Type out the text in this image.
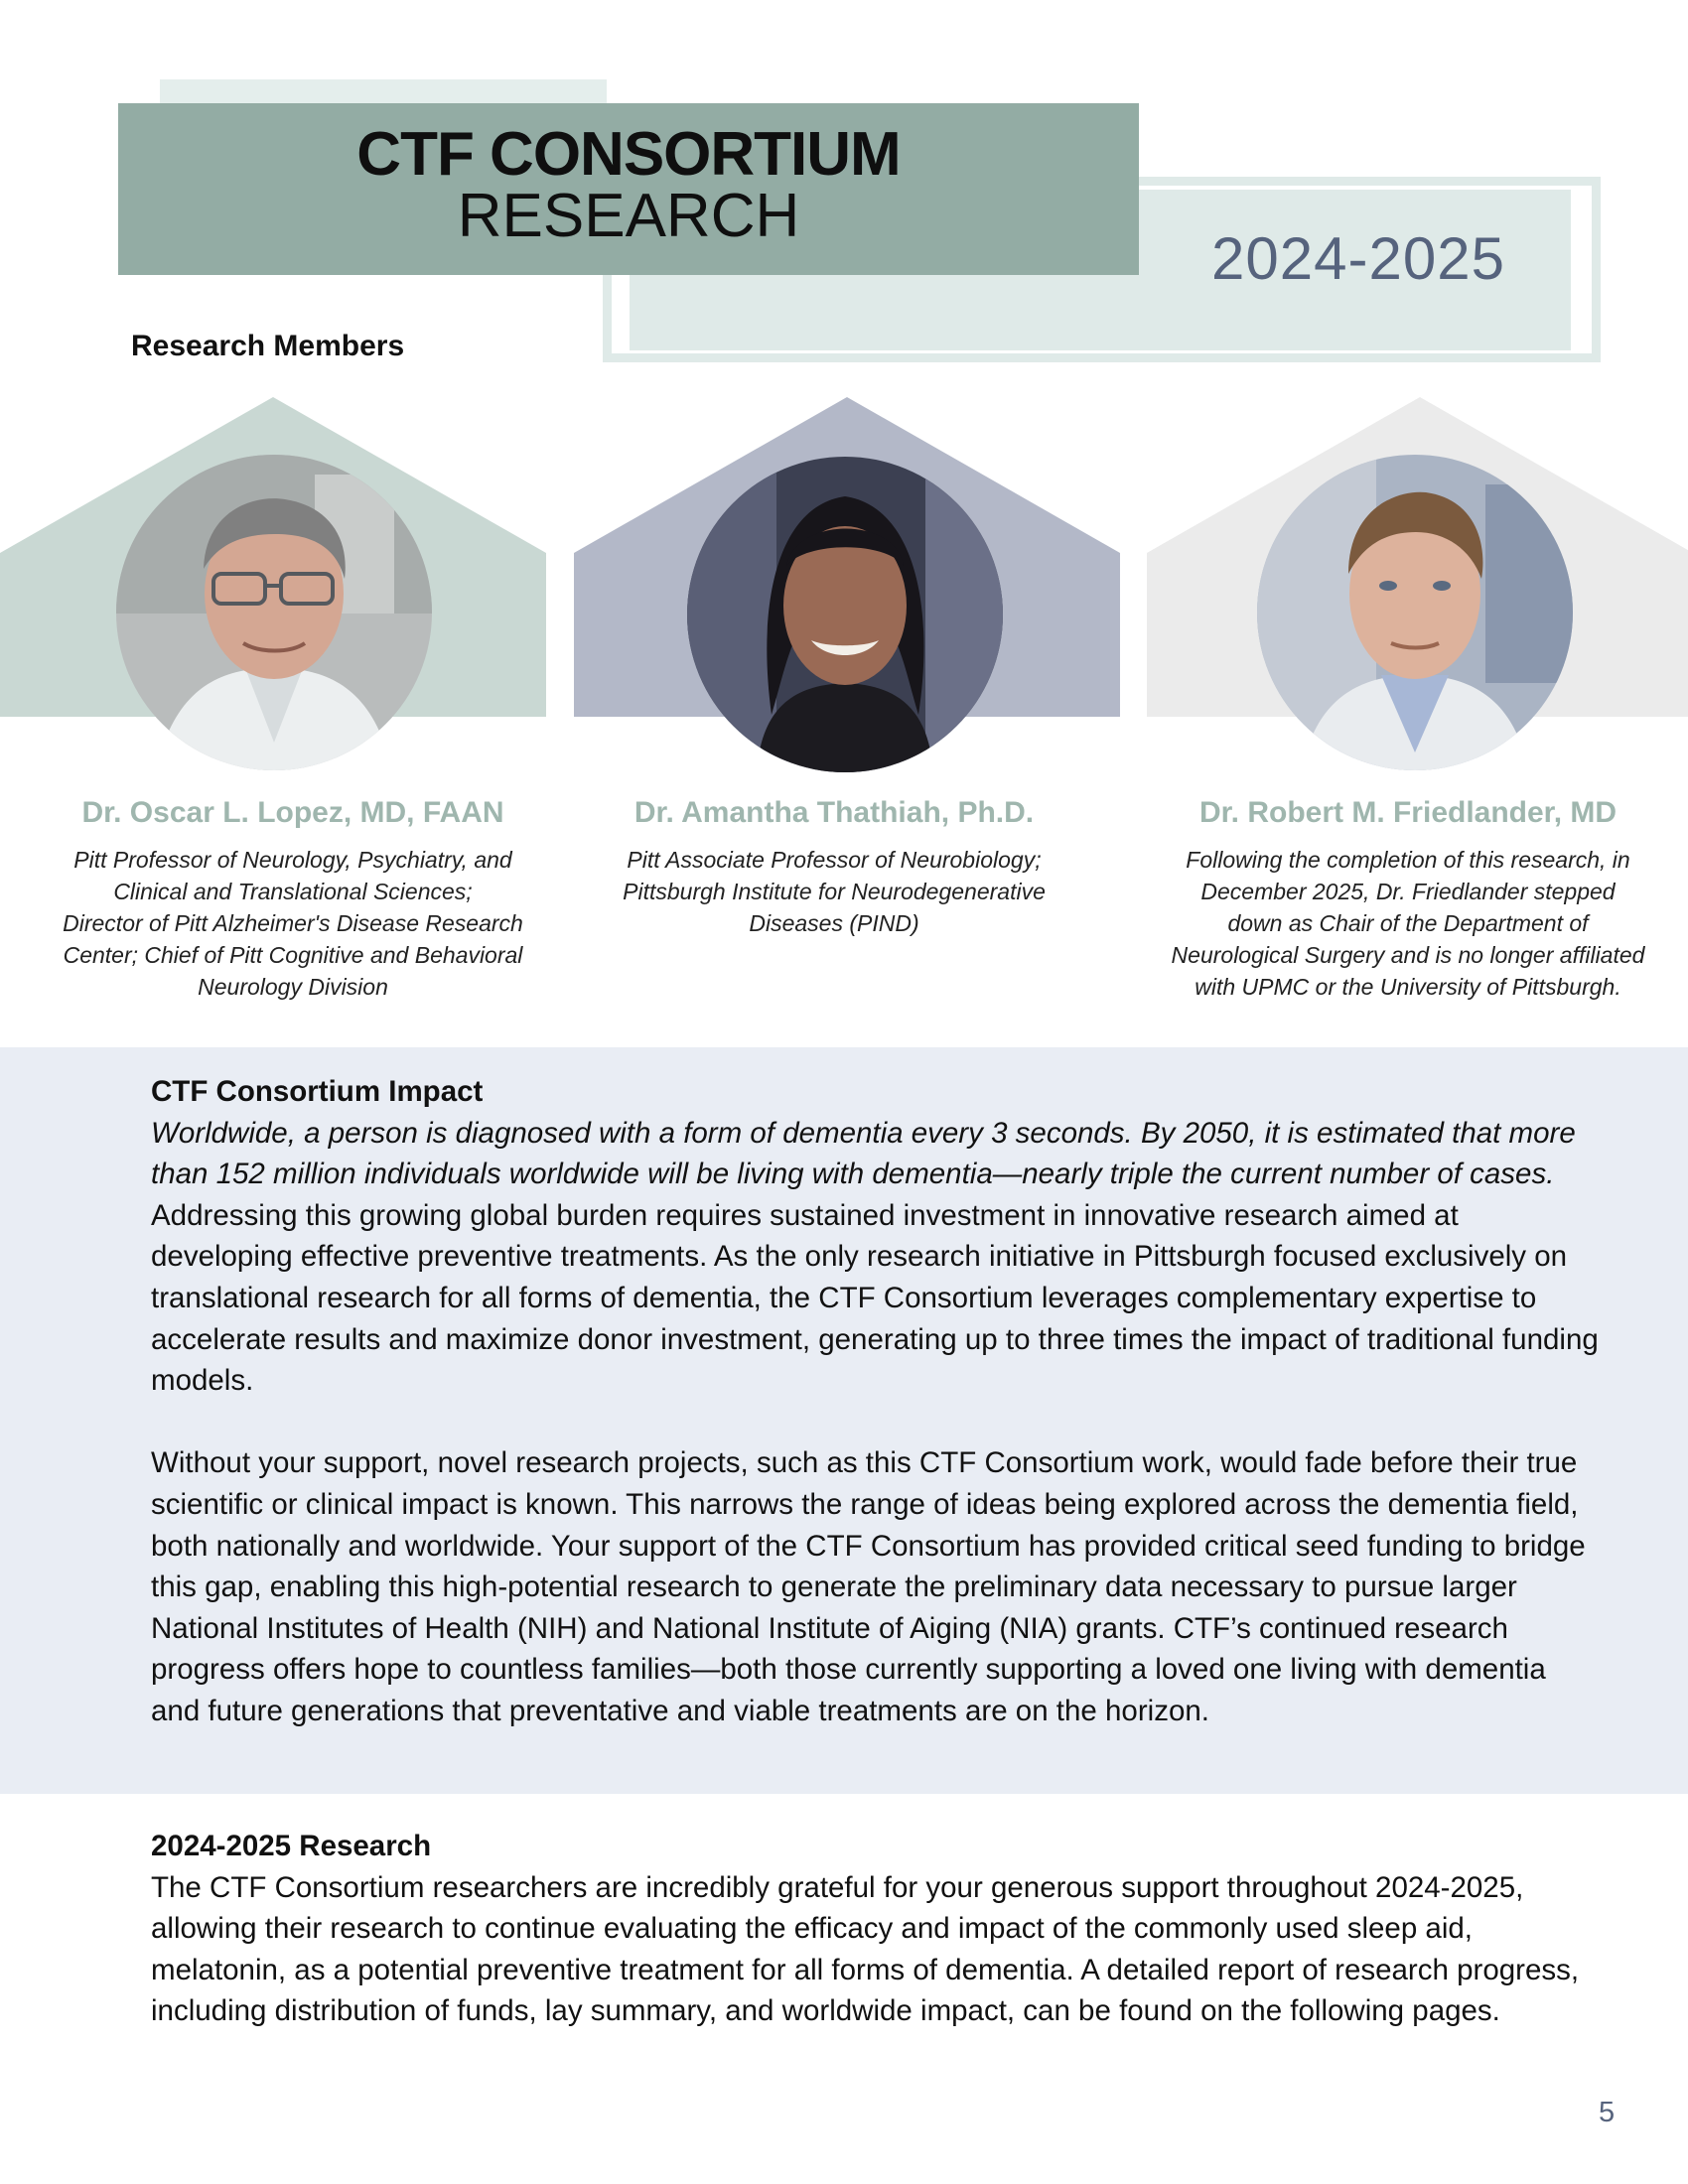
CTF CONSORTIUM
RESEARCH
2024-2025
Research Members
Dr. Oscar L. Lopez, MD, FAAN
Pitt Professor of Neurology, Psychiatry, and
Clinical and Translational Sciences;
Director of Pitt Alzheimer's Disease Research
Center; Chief of Pitt Cognitive and Behavioral
Neurology Division
Dr. Amantha Thathiah, Ph.D.
Pitt Associate Professor of Neurobiology;
Pittsburgh Institute for Neurodegenerative
Diseases (PIND)
Dr. Robert M. Friedlander, MD
Following the completion of this research, in
December 2025, Dr. Friedlander stepped
down as Chair of the Department of
Neurological Surgery and is no longer affiliated
with UPMC or the University of Pittsburgh.
CTF Consortium Impact
Worldwide, a person is diagnosed with a form of dementia every 3 seconds. By 2050, it is estimated that more than 152 million individuals worldwide will be living with dementia—nearly triple the current number of cases. Addressing this growing global burden requires sustained investment in innovative research aimed at developing effective preventive treatments. As the only research initiative in Pittsburgh focused exclusively on translational research for all forms of dementia, the CTF Consortium leverages complementary expertise to accelerate results and maximize donor investment, generating up to three times the impact of traditional funding models.
Without your support, novel research projects, such as this CTF Consortium work, would fade before their true scientific or clinical impact is known. This narrows the range of ideas being explored across the dementia field, both nationally and worldwide. Your support of the CTF Consortium has provided critical seed funding to bridge this gap, enabling this high-potential research to generate the preliminary data necessary to pursue larger National Institutes of Health (NIH) and National Institute of Aiging (NIA) grants. CTF’s continued research progress offers hope to countless families—both those currently supporting a loved one living with dementia and future generations that preventative and viable treatments are on the horizon.
2024-2025 Research
The CTF Consortium researchers are incredibly grateful for your generous support throughout 2024-2025, allowing their research to continue evaluating the efficacy and impact of the commonly used sleep aid, melatonin, as a potential preventive treatment for all forms of dementia. A detailed report of research progress, including distribution of funds, lay summary, and worldwide impact, can be found on the following pages.
5
